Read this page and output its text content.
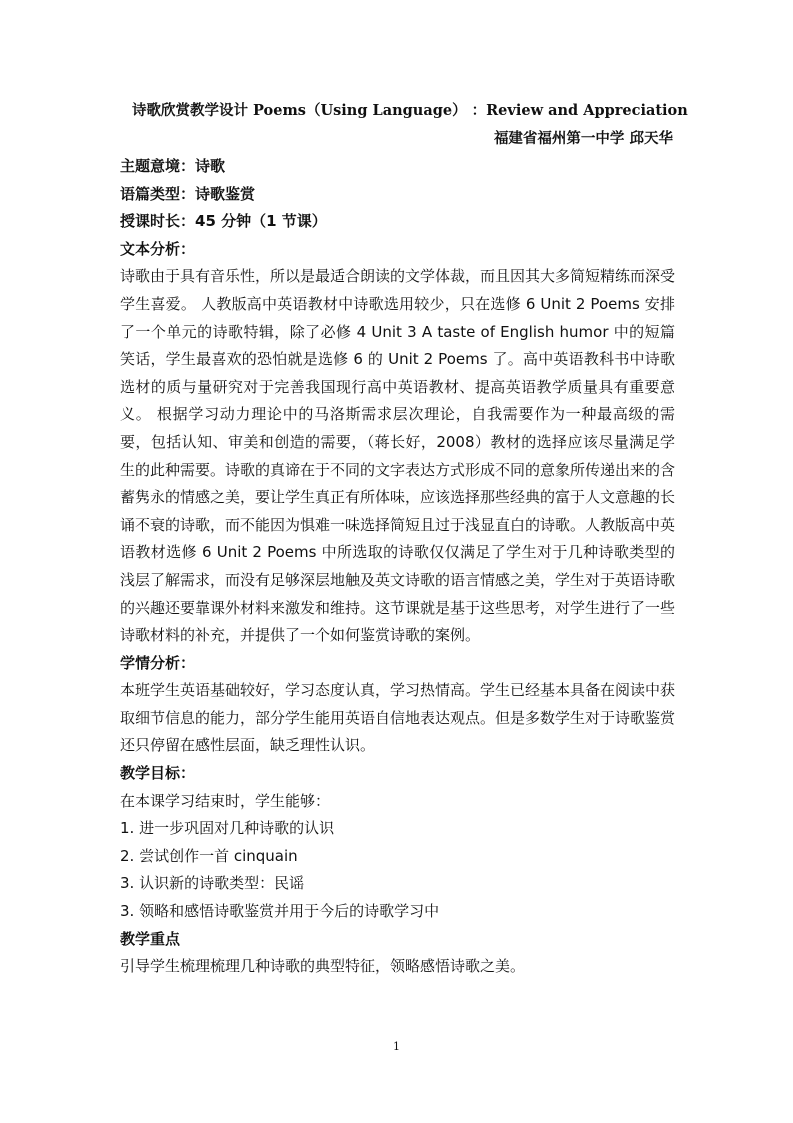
诗歌欣赏教学设计 Poems（Using Language） ：Review and Appreciation
福建省福州第一中学 邱天华

主题意境：诗歌

语篇类型：诗歌鉴赏

授课时长：45 分钟（1 节课）

文本分析：

诗歌由于具有音乐性，所以是最适合朗读的文学体裁，而且因其大多简短精练而深受学生喜爱。 人教版高中英语教材中诗歌选用较少，只在选修 6 Unit 2 Poems 安排了一个单元的诗歌特辑，除了必修 4 Unit 3 A taste of English humor 中的短篇笑话，学生最喜欢的恐怕就是选修 6 的 Unit 2 Poems 了。高中英语教科书中诗歌选材的质与量研究对于完善我国现行高中英语教材、提高英语教学质量具有重要意义。 根据学习动力理论中的马洛斯需求层次理论，自我需要作为一种最高级的需要，包括认知、审美和创造的需要，（蒋长好，2008）教材的选择应该尽量满足学生的此种需要。诗歌的真谛在于不同的文字表达方式形成不同的意象所传递出来的含蓄隽永的情感之美，要让学生真正有所体味，应该选择那些经典的富于人文意趣的长诵不衰的诗歌，而不能因为惧难一味选择简短且过于浅显直白的诗歌。人教版高中英语教材选修 6 Unit 2 Poems 中所选取的诗歌仅仅满足了学生对于几种诗歌类型的浅层了解需求，而没有足够深层地触及英文诗歌的语言情感之美，学生对于英语诗歌的兴趣还要靠课外材料来激发和维持。这节课就是基于这些思考，对学生进行了一些诗歌材料的补充，并提供了一个如何鉴赏诗歌的案例。

学情分析：

本班学生英语基础较好，学习态度认真，学习热情高。学生已经基本具备在阅读中获取细节信息的能力，部分学生能用英语自信地表达观点。但是多数学生对于诗歌鉴赏还只停留在感性层面，缺乏理性认识。

教学目标：

在本课学习结束时，学生能够：

1. 进一步巩固对几种诗歌的认识

2. 尝试创作一首 cinquain

3. 认识新的诗歌类型：民谣

3. 领略和感悟诗歌鉴赏并用于今后的诗歌学习中

教学重点

引导学生梳理梳理几种诗歌的典型特征，领略感悟诗歌之美。

1
